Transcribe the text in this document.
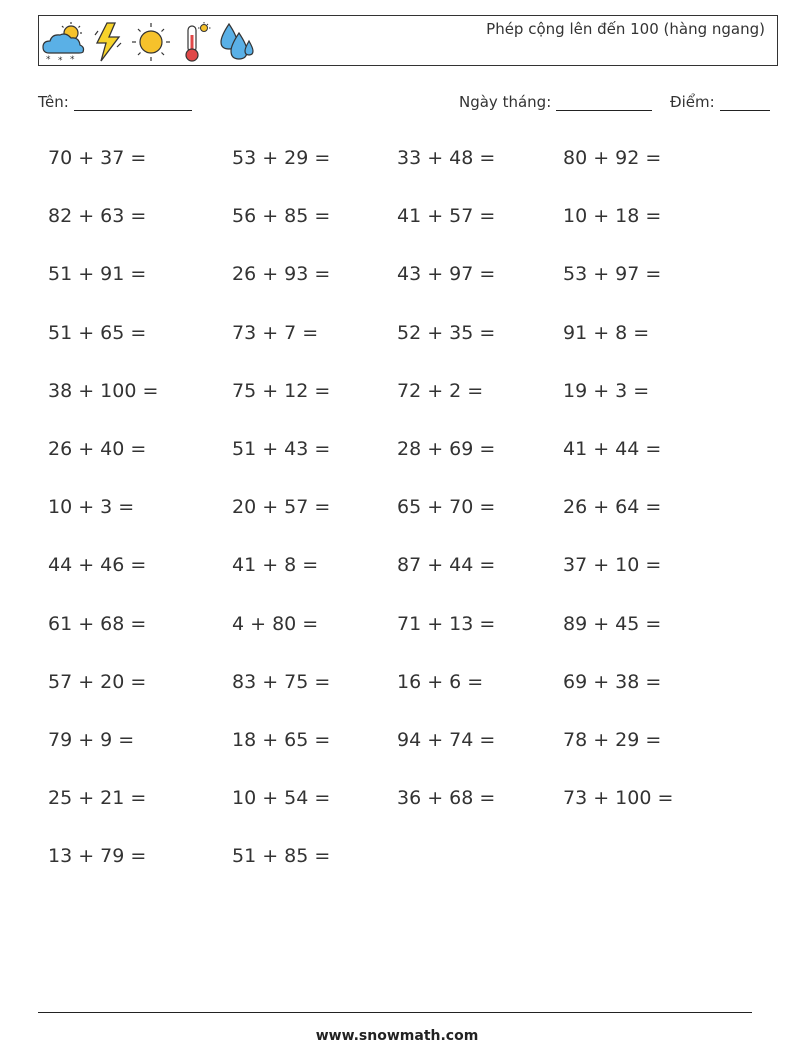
* * *
Phép cộng lên đến 100 (hàng ngang)
Tên:	Ngày tháng:	Điểm:
70 + 37 =	53 + 29 =	33 + 48 =	80 + 92 =
82 + 63 =	56 + 85 =	41 + 57 =	10 + 18 =
51 + 91 =	26 + 93 =	43 + 97 =	53 + 97 =
51 + 65 =	73 + 7 =	52 + 35 =	91 + 8 =
38 + 100 =	75 + 12 =	72 + 2 =	19 + 3 =
26 + 40 =	51 + 43 =	28 + 69 =	41 + 44 =
10 + 3 =	20 + 57 =	65 + 70 =	26 + 64 =
44 + 46 =	41 + 8 =	87 + 44 =	37 + 10 =
61 + 68 =	4 + 80 =	71 + 13 =	89 + 45 =
57 + 20 =	83 + 75 =	16 + 6 =	69 + 38 =
79 + 9 =	18 + 65 =	94 + 74 =	78 + 29 =
25 + 21 =	10 + 54 =	36 + 68 =	73 + 100 =
13 + 79 =	51 + 85 =
www.snowmath.com
